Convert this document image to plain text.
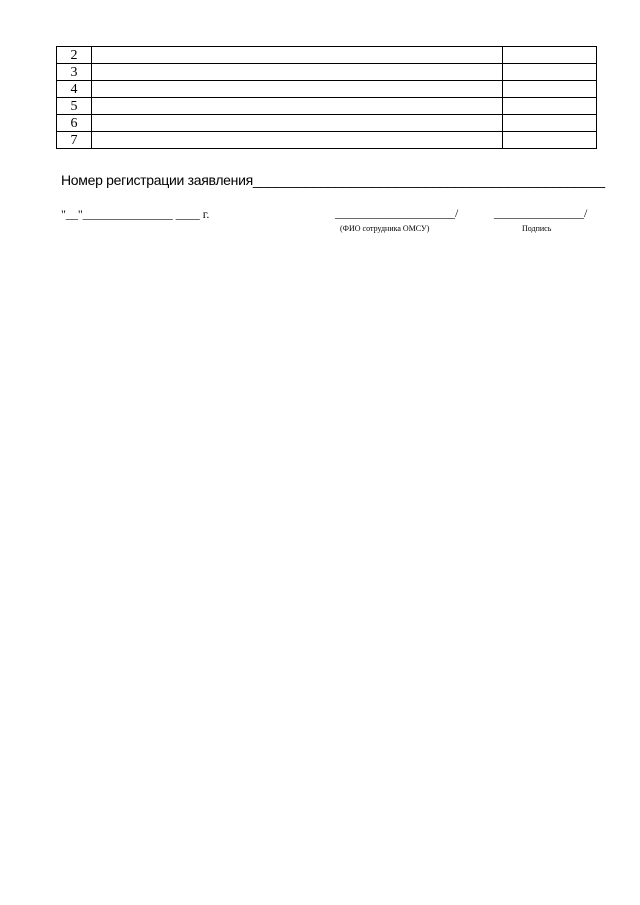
2		
3		
4		
5		
6		
7		
Номер регистрации заявления_______________________________________________
"__"_______________ ____ г.	____________________/	_______________/
(ФИО сотрудника ОМСУ)	Подпись
